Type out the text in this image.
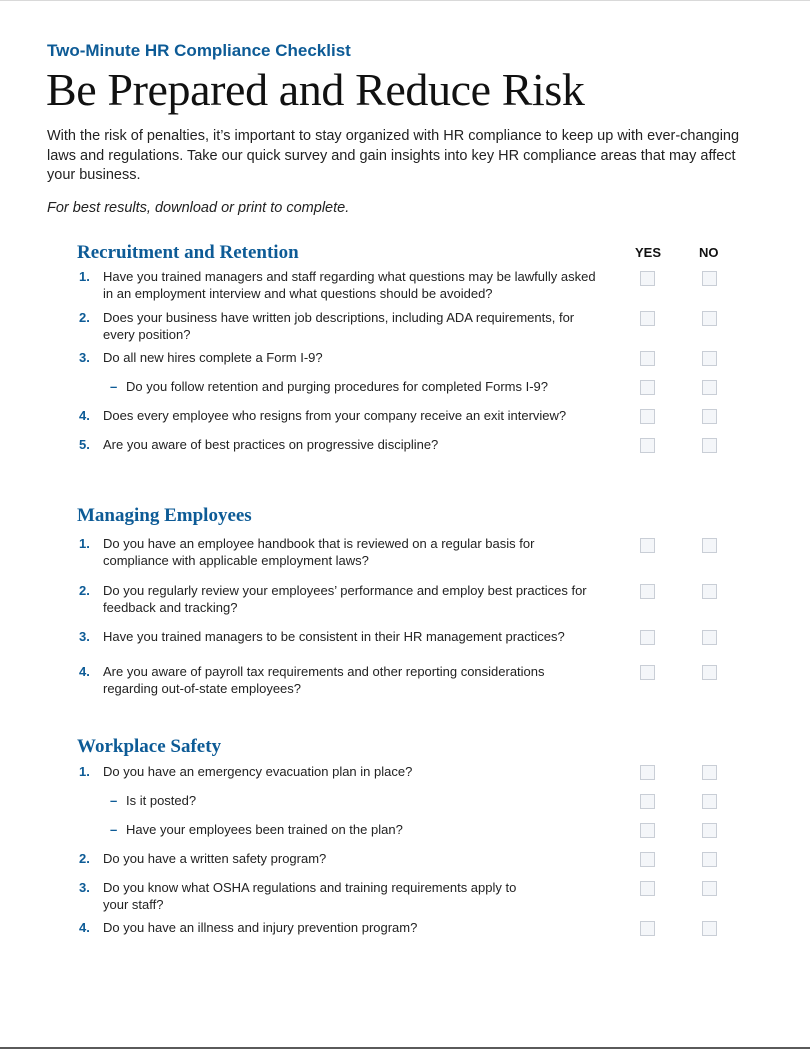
Two-Minute HR Compliance Checklist
Be Prepared and Reduce Risk

With the risk of penalties, it’s important to stay organized with HR compliance to keep up with ever-changing laws and regulations. Take our quick survey and gain insights into key HR compliance areas that may affect your business.

For best results, download or print to complete.

YES	NO
Recruitment and Retention
1. Have you trained managers and staff regarding what questions may be lawfully asked in an employment interview and what questions should be avoided?
2. Does your business have written job descriptions, including ADA requirements, for every position?
3. Do all new hires complete a Form I-9?
– Do you follow retention and purging procedures for completed Forms I-9?
4. Does every employee who resigns from your company receive an exit interview?
5. Are you aware of best practices on progressive discipline?
Managing Employees
1. Do you have an employee handbook that is reviewed on a regular basis for compliance with applicable employment laws?
2. Do you regularly review your employees’ performance and employ best practices for feedback and tracking?
3. Have you trained managers to be consistent in their HR management practices?
4. Are you aware of payroll tax requirements and other reporting considerations regarding out-of-state employees?
Workplace Safety
1. Do you have an emergency evacuation plan in place?
– Is it posted?
– Have your employees been trained on the plan?
2. Do you have a written safety program?
3. Do you know what OSHA regulations and training requirements apply to your staff?
4. Do you have an illness and injury prevention program?
